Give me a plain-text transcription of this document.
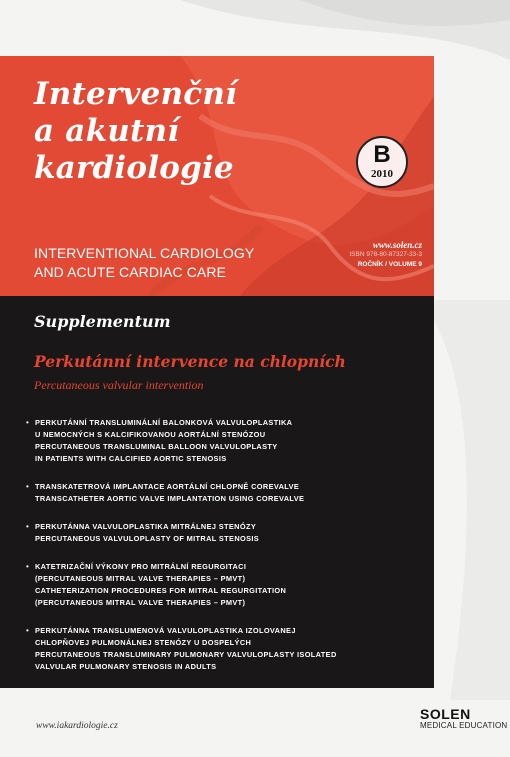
Intervenční
a akutní
kardiologie	B
2010

INTERVENTIONAL CARDIOLOGY
AND ACUTE CARDIAC CARE

www.solen.cz
ISBN 978-80-87327-33-3
ROČNÍK / VOLUME 9
Supplementum
Perkutánní intervence na chlopních

Percutaneous valvular intervention

• PERKUTÁNNÍ TRANSLUMINÁLNÍ BALONKOVÁ VALVULOPLASTIKA
U NEMOCNÝCH S KALCIFIKOVANOU AORTÁLNÍ STENÓZOU
PERCUTANEOUS TRANSLUMINAL BALLOON VALVULOPLASTY
IN PATIENTS WITH CALCIFIED AORTIC STENOSIS
• TRANSKATETROVÁ IMPLANTACE AORTÁLNÍ CHLOPNĚ COREVALVE
TRANSCATHETER AORTIC VALVE IMPLANTATION USING COREVALVE
• PERKUTÁNNA VALVULOPLASTIKA MITRÁLNEJ STENÓZY
PERCUTANEOUS VALVULOPLASTY OF MITRAL STENOSIS
• KATETRIZAČNÍ VÝKONY PRO MITRÁLNÍ REGURGITACI
(PERCUTANEOUS MITRAL VALVE THERAPIES – PMVT)
CATHETERIZATION PROCEDURES FOR MITRAL REGURGITATION
(PERCUTANEOUS MITRAL VALVE THERAPIES – PMVT)
• PERKUTÁNNA TRANSLUMENOVÁ VALVULOPLASTIKA IZOLOVANEJ
CHLOPŇOVEJ PULMONÁLNEJ STENÓZY U DOSPELÝCH
PERCUTANEOUS TRANSLUMINARY PULMONARY VALVULOPLASTY ISOLATED
VALVULAR PULMONARY STENOSIS IN ADULTS
www.iakardiologie.cz
SOLEN
MEDICAL EDUCATION
